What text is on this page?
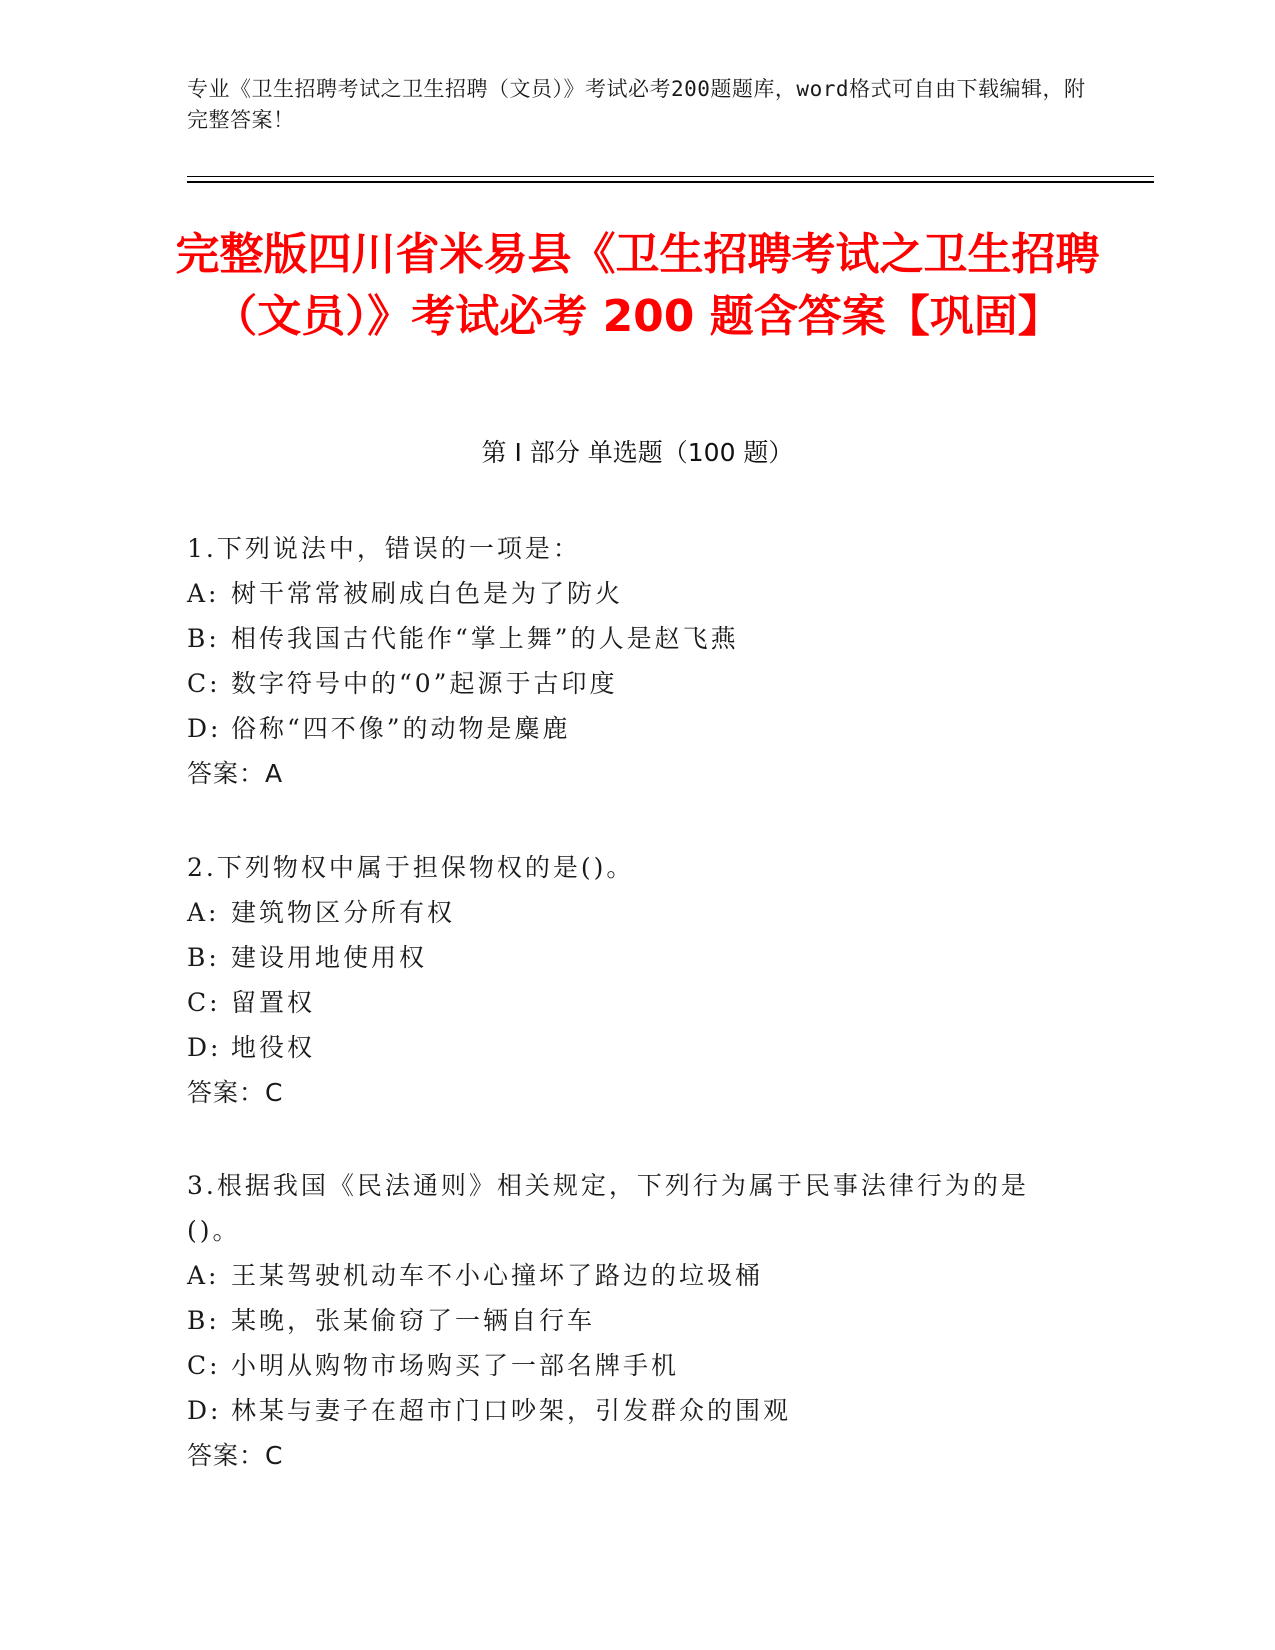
专业《卫生招聘考试之卫生招聘（文员）》考试必考200题题库，word格式可自由下载编辑，附完整答案！
完整版四川省米易县《卫生招聘考试之卫生招聘（文员）》考试必考 200 题含答案【巩固】
第 I 部分 单选题（100 题）
1.下列说法中，错误的一项是：
A: 树干常常被刷成白色是为了防火
B: 相传我国古代能作“掌上舞”的人是赵飞燕
C: 数字符号中的“0”起源于古印度
D: 俗称“四不像”的动物是麋鹿
答案：A
2.下列物权中属于担保物权的是()。
A: 建筑物区分所有权
B: 建设用地使用权
C: 留置权
D: 地役权
答案：C
3.根据我国《民法通则》相关规定，下列行为属于民事法律行为的是()。
A: 王某驾驶机动车不小心撞坏了路边的垃圾桶
B: 某晚，张某偷窃了一辆自行车
C: 小明从购物市场购买了一部名牌手机
D: 林某与妻子在超市门口吵架，引发群众的围观
答案：C
